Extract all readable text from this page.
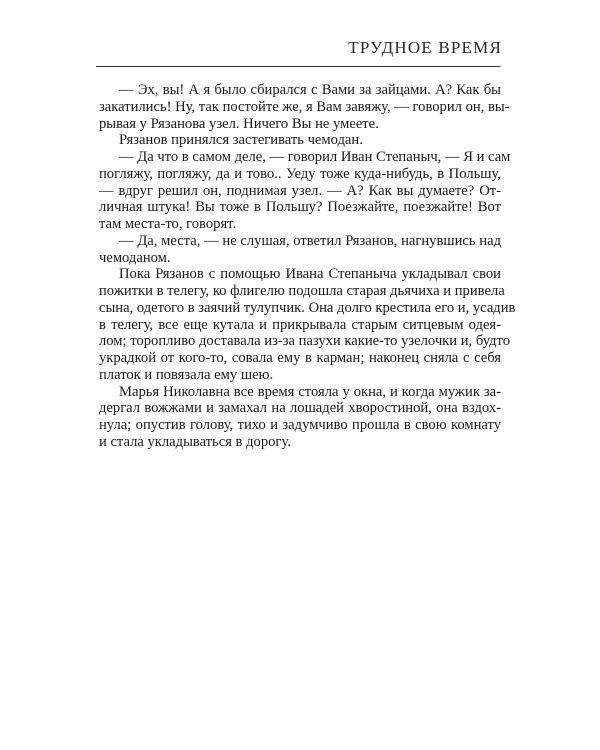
ТРУДНОЕ ВРЕМЯ
— Эх, вы! А я было сбирался с Вами за зайцами. А? Как бы
закатились! Ну, так постойте же, я Вам завяжу, — говорил он, вы-
рывая у Рязанова узел. Ничего Вы не умеете.
Рязанов принялся застегивать чемодан.
— Да что в самом деле, — говорил Иван Степаныч, — Я и сам
погляжу, погляжу, да и тово.. Уеду тоже куда-нибудь, в Польшу,
— вдруг решил он, поднимая узел. — А? Как вы думаете? От-
личная штука! Вы тоже в Польшу? Поезжайте, поезжайте! Вот
там места-то, говорят.
— Да, места, — не слушая, ответил Рязанов, нагнувшись над
чемоданом.
Пока Рязанов с помощью Ивана Степаныча укладывал свои
пожитки в телегу, ко флигелю подошла старая дьячиха и привела
сына, одетого в заячий тулупчик. Она долго крестила его и, усадив
в телегу, все еще кутала и прикрывала старым ситцевым одея-
лом; торопливо доставала из-за пазухи какие-то узелочки и, будто
украдкой от кого-то, совала ему в карман; наконец сняла с себя
платок и повязала ему шею.
Марья Николавна все время стояла у окна, и когда мужик за-
дергал вожжами и замахал на лошадей хворостиной, она вздох-
нула; опустив голову, тихо и задумчиво прошла в свою комнату
и стала укладываться в дорогу.
